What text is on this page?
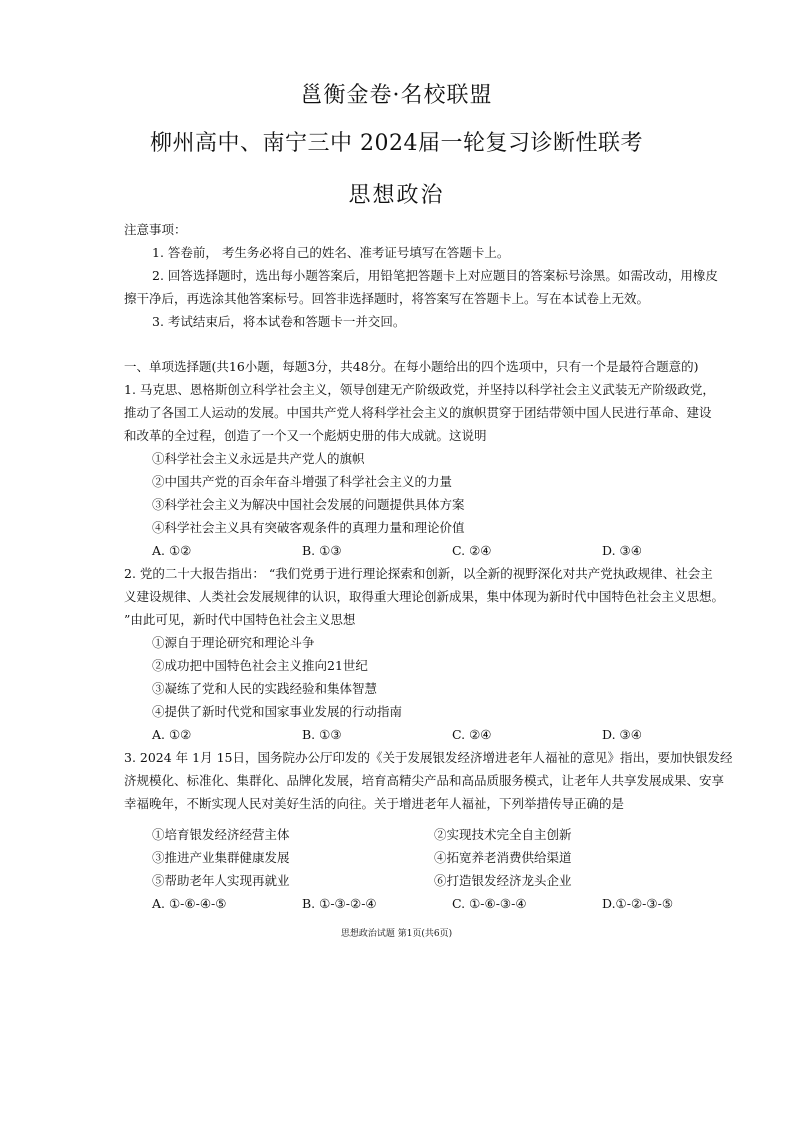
邕衡金卷·名校联盟
柳州高中、南宁三中 2024届一轮复习诊断性联考
思想政治
注意事项：
1. 答卷前， 考生务必将自己的姓名、准考证号填写在答题卡上。
2. 回答选择题时，选出每小题答案后，用铅笔把答题卡上对应题目的答案标号涂黑。如需改动，用橡皮
擦干净后，再选涂其他答案标号。回答非选择题时，将答案写在答题卡上。写在本试卷上无效。
3. 考试结束后，将本试卷和答题卡一并交回。
一、单项选择题(共16小题，每题3分，共48分。在每小题给出的四个选项中，只有一个是最符合题意的)
1. 马克思、恩格斯创立科学社会主义，领导创建无产阶级政党，并坚持以科学社会主义武装无产阶级政党，
推动了各国工人运动的发展。中国共产党人将科学社会主义的旗帜贯穿于团结带领中国人民进行革命、建设
和改革的全过程，创造了一个又一个彪炳史册的伟大成就。这说明
①科学社会主义永远是共产党人的旗帜
②中国共产党的百余年奋斗增强了科学社会主义的力量
③科学社会主义为解决中国社会发展的问题提供具体方案
④科学社会主义具有突破客观条件的真理力量和理论价值
A. ①②	B. ①③	C. ②④	D. ③④
2. 党的二十大报告指出： “我们党勇于进行理论探索和创新，以全新的视野深化对共产党执政规律、社会主
义建设规律、人类社会发展规律的认识，取得重大理论创新成果，集中体现为新时代中国特色社会主义思想。
”由此可见，新时代中国特色社会主义思想
①源自于理论研究和理论斗争
②成功把中国特色社会主义推向21世纪
③凝练了党和人民的实践经验和集体智慧
④提供了新时代党和国家事业发展的行动指南
A. ①②	B. ①③	C. ②④	D. ③④
3. 2024 年 1月 15日，国务院办公厅印发的《关于发展银发经济增进老年人福祉的意见》指出，要加快银发经
济规模化、标准化、集群化、品牌化发展，培育高精尖产品和高品质服务模式，让老年人共享发展成果、安享
幸福晚年，不断实现人民对美好生活的向往。关于增进老年人福祉，下列举措传导正确的是
①培育银发经济经营主体	②实现技术完全自主创新
③推进产业集群健康发展	④拓宽养老消费供给渠道
⑤帮助老年人实现再就业	⑥打造银发经济龙头企业
A. ①-⑥-④-⑤	B. ①-③-②-④	C. ①-⑥-③-④	D.①-②-③-⑤
思想政治试题 第1页(共6页)
